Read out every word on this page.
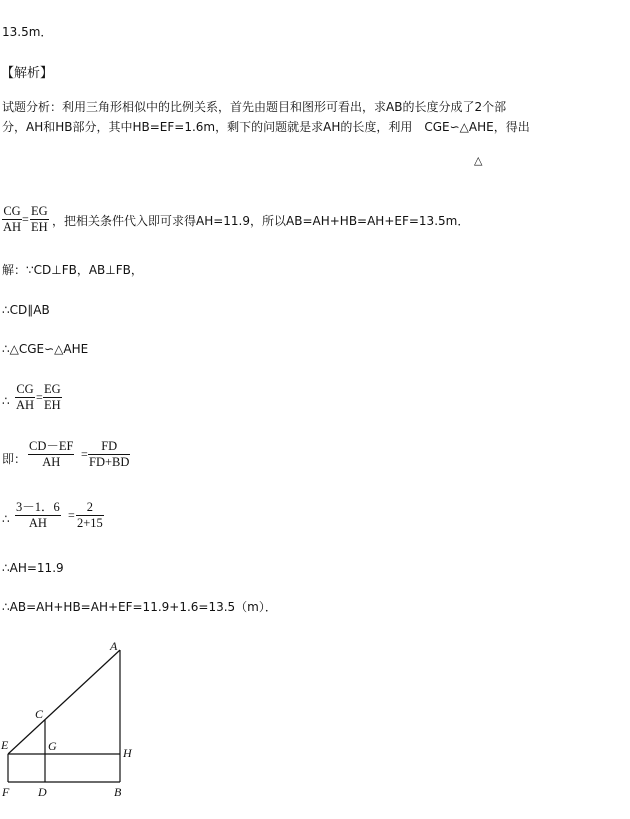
13.5m．
【解析】
试题分析：利用三角形相似中的比例关系，首先由题目和图形可看出，求AB的长度分成了2个部
分，AH和HB部分，其中HB=EF=1.6m，剩下的问题就是求AH的长度，利用　CGE∽△AHE，得出
△
$\frac{CG}{AH} = \frac{EG}{EH}$ ，把相关条件代入即可求得AH=11.9，所以AB=AH+HB=AH+EF=13.5m．
解：∵CD⊥FB，AB⊥FB，
∴CD∥AB
∴△CGE∽△AHE
∴ $\frac{CG}{AH} = \frac{EG}{EH}$
即： $\frac{CD-EF}{AH} = \frac{FD}{FD+BD}$
∴ $\frac{3-1.6}{AH} = \frac{2}{2+15}$
∴AH=11.9
∴AB=AH+HB=AH+EF=11.9+1.6=13.5（m）．
A
C
E	G	H
F D	B
